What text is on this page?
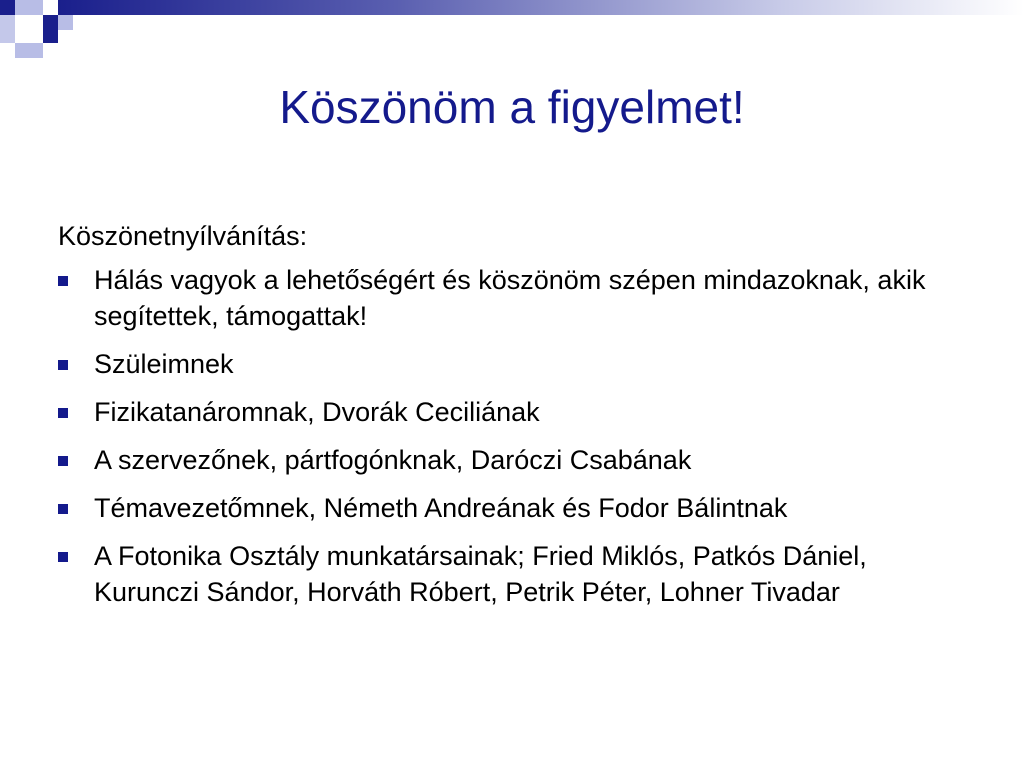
Köszönöm a figyelmet!

Köszönetnyílvánítás:

Hálás vagyok a lehetőségért és köszönöm szépen mindazoknak, akik segítettek, támogattak!
Szüleimnek
Fizikatanáromnak, Dvorák Ceciliának
A szervezőnek, pártfogónknak, Daróczi Csabának
Témavezetőmnek, Németh Andreának és Fodor Bálintnak
A Fotonika Osztály munkatársainak; Fried Miklós, Patkós Dániel, Kurunczi Sándor, Horváth Róbert, Petrik Péter, Lohner Tivadar
